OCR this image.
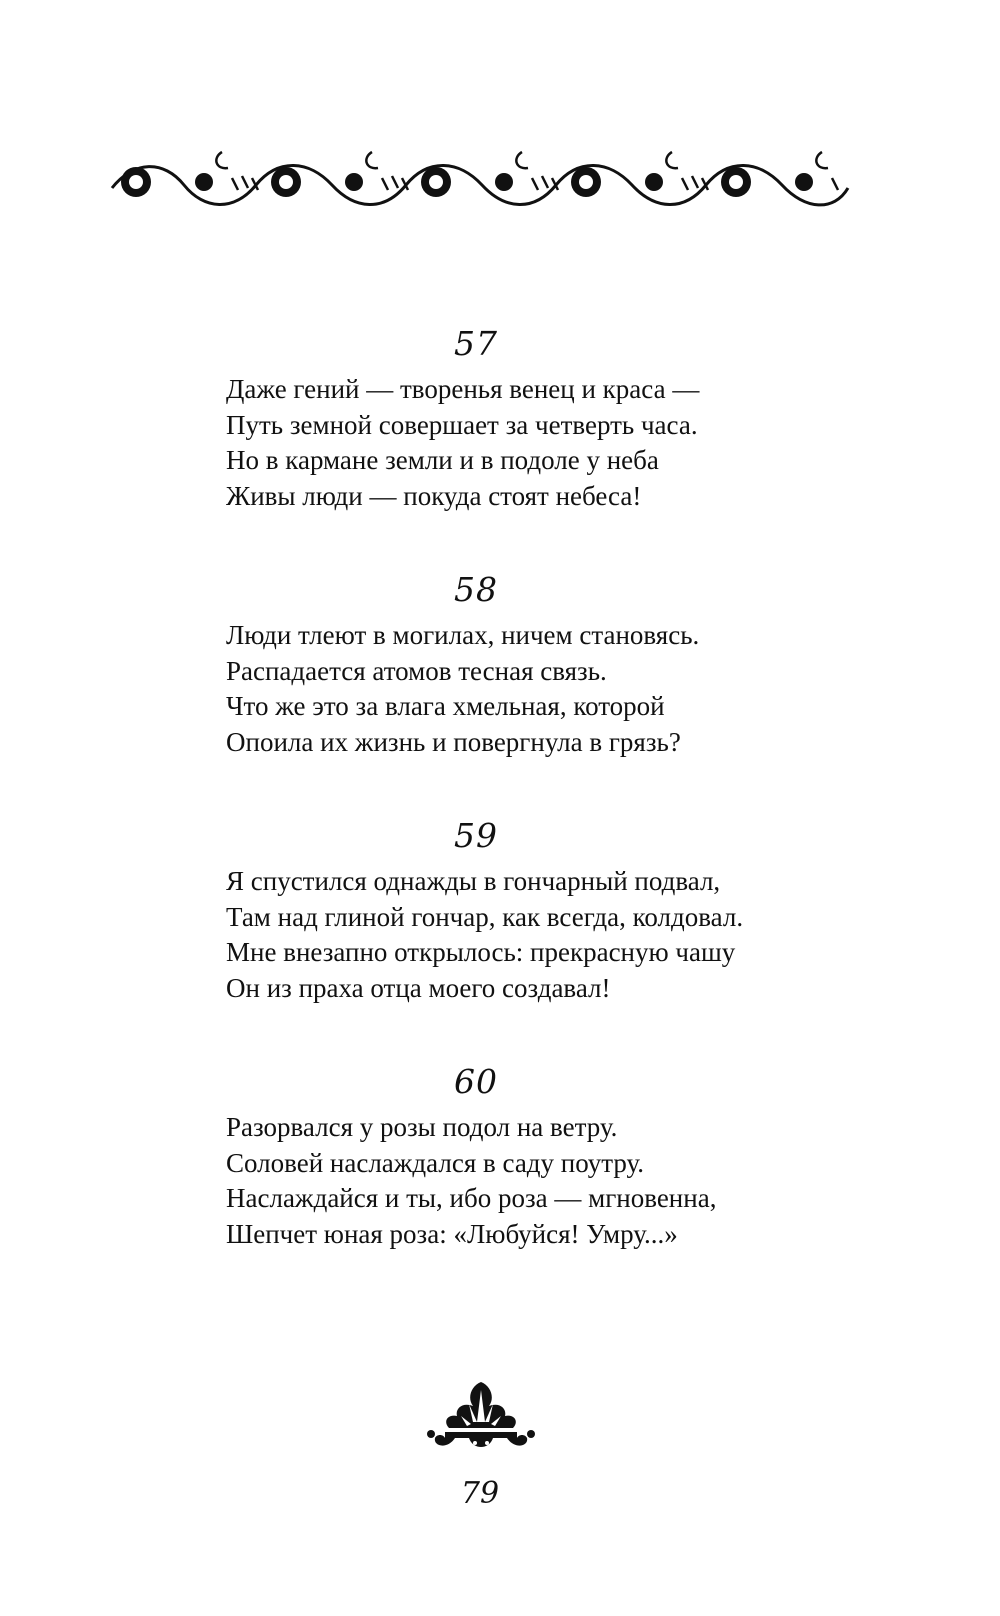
57
Даже гений — творенья венец и краса —
Путь земной совершает за четверть часа.
Но в кармане земли и в подоле у неба
Живы люди — покуда стоят небеса!
58
Люди тлеют в могилах, ничем становясь.
Распадается атомов тесная связь.
Что же это за влага хмельная, которой
Опоила их жизнь и повергнула в грязь?
59
Я спустился однажды в гончарный подвал,
Там над глиной гончар, как всегда, колдовал.
Мне внезапно открылось: прекрасную чашу
Он из праха отца моего создавал!
60
Разорвался у розы подол на ветру.
Соловей наслаждался в саду поутру.
Наслаждайся и ты, ибо роза — мгновенна,
Шепчет юная роза: «Любуйся! Умру...»
79
